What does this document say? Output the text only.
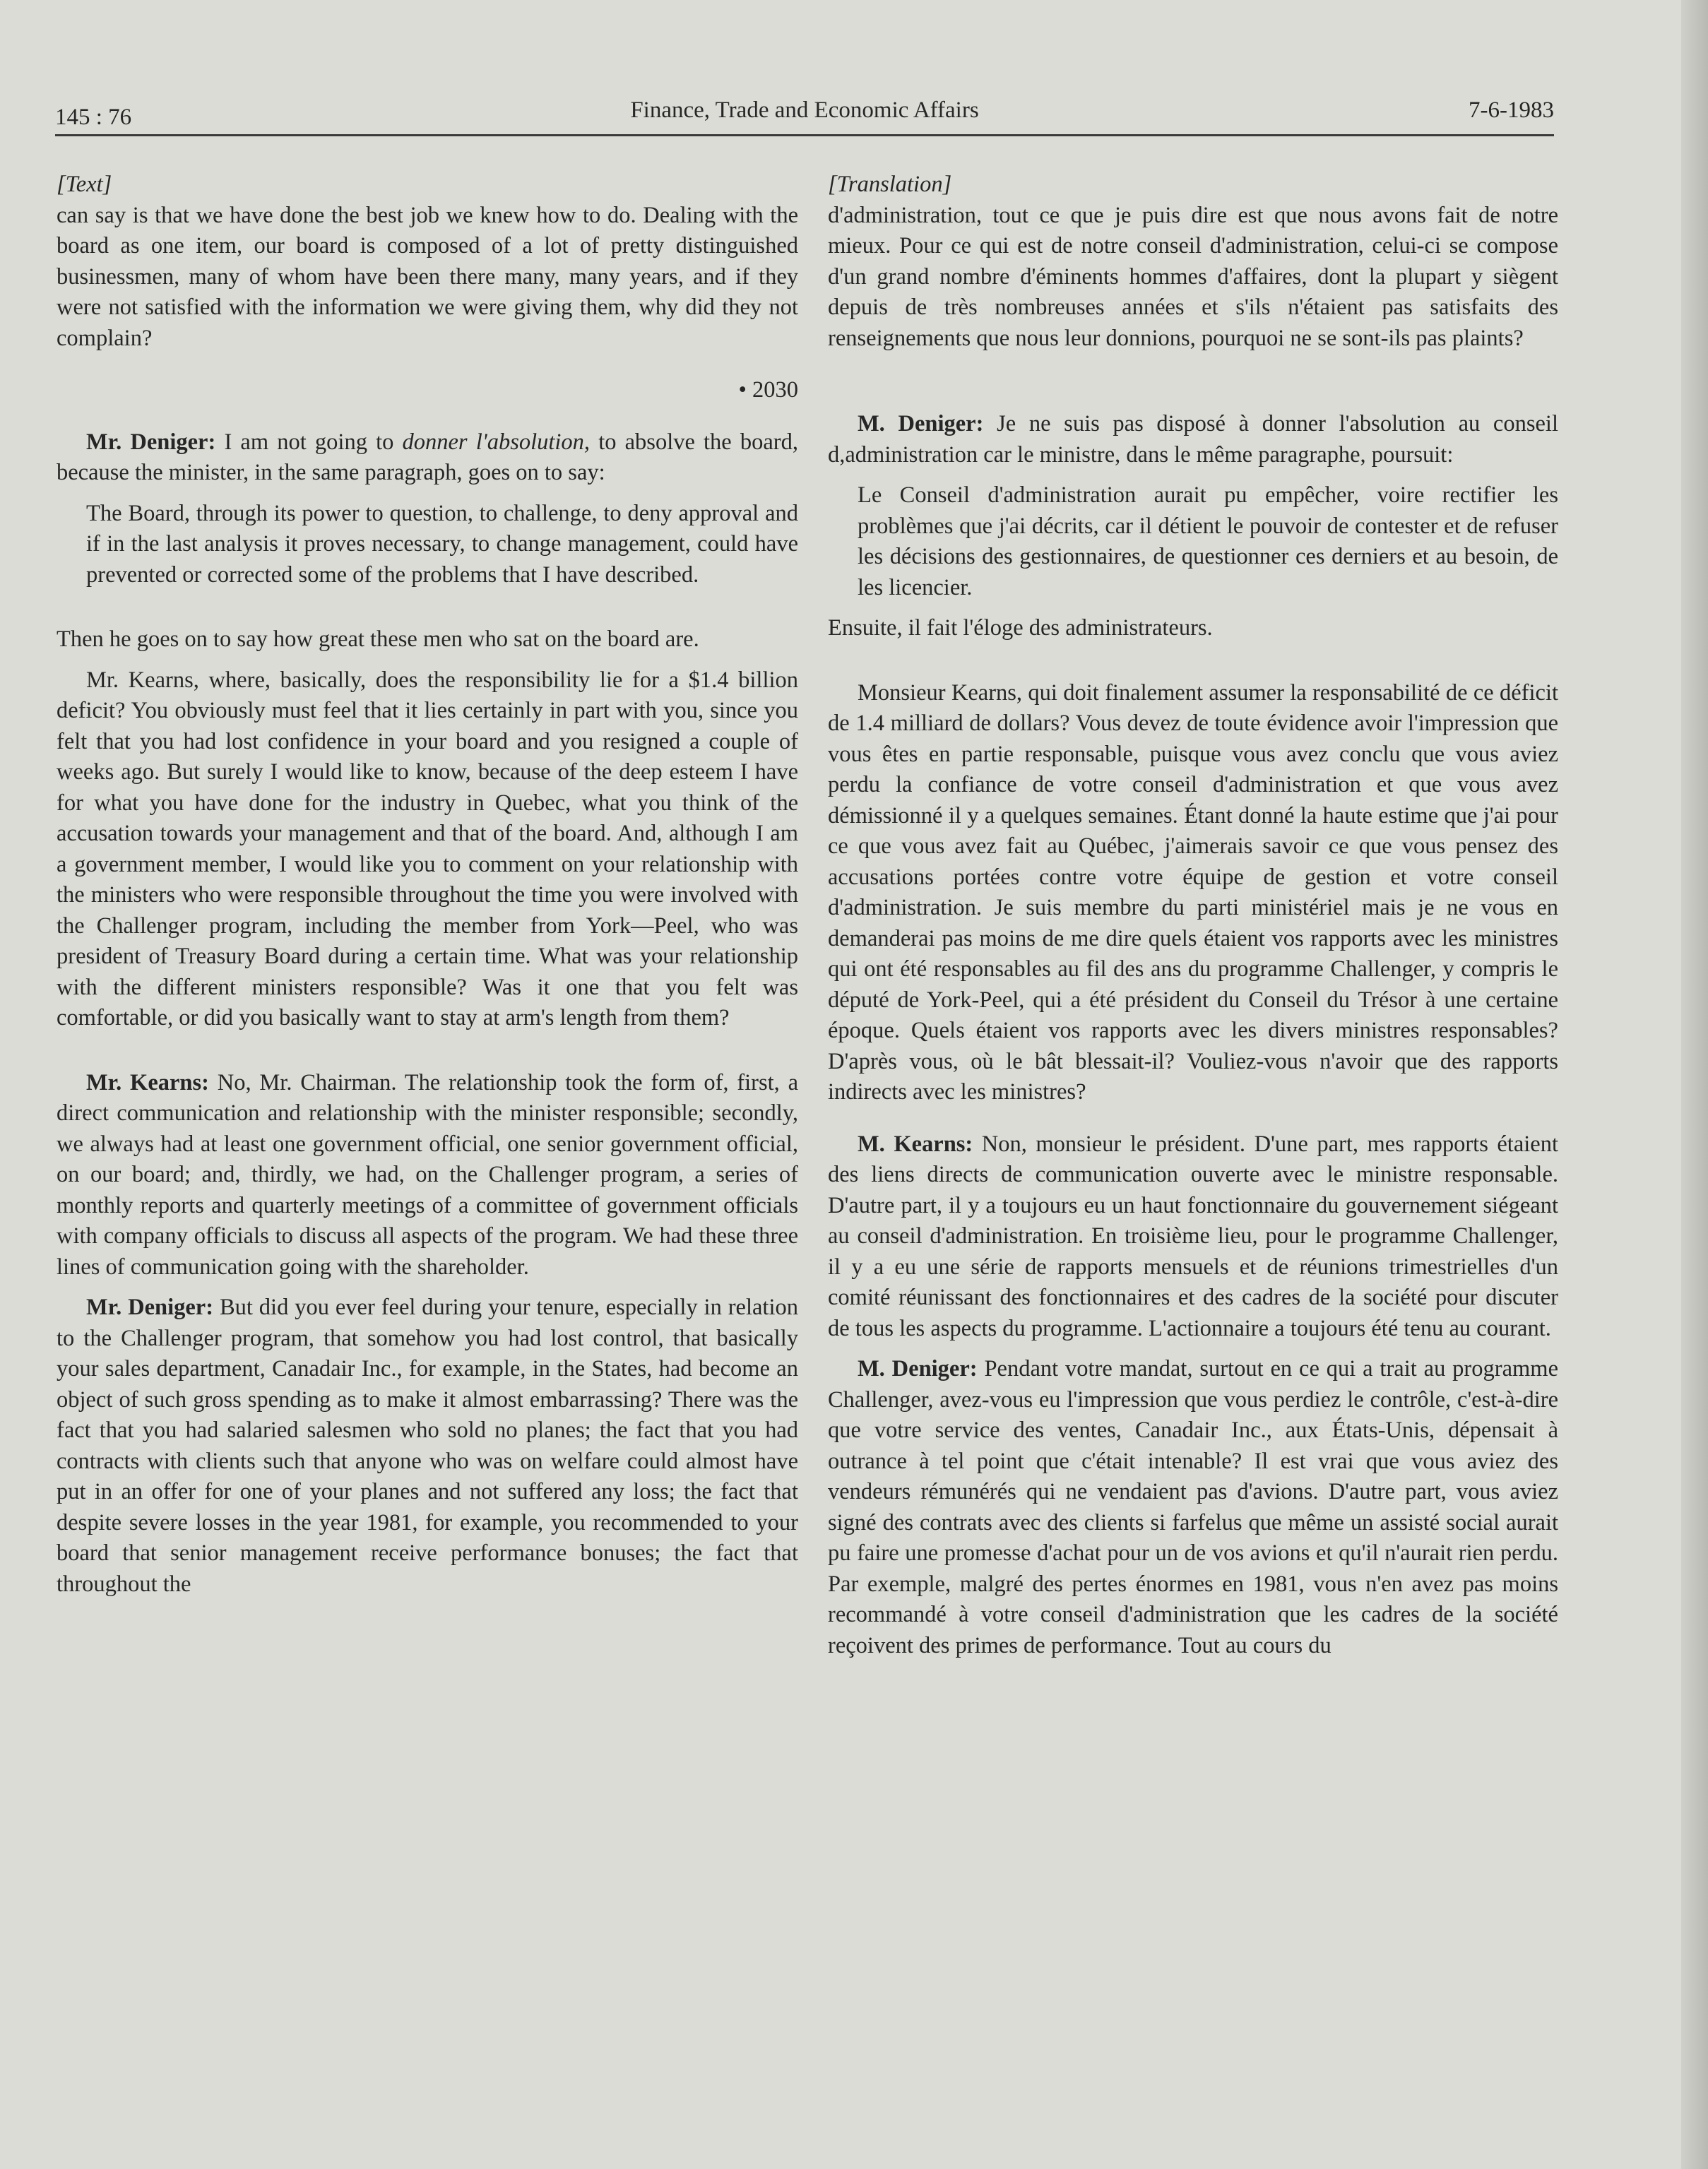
145 : 76	Finance, Trade and Economic Affairs	7-6-1983

[Text]

can say is that we have done the best job we knew how to do. Dealing with the board as one item, our board is composed of a lot of pretty distinguished businessmen, many of whom have been there many, many years, and if they were not satisfied with the information we were giving them, why did they not complain?

• 2030

Mr. Deniger: I am not going to donner l'absolution, to absolve the board, because the minister, in the same paragraph, goes on to say:

The Board, through its power to question, to challenge, to deny approval and if in the last analysis it proves necessary, to change management, could have prevented or corrected some of the problems that I have described.

Then he goes on to say how great these men who sat on the board are.

Mr. Kearns, where, basically, does the responsibility lie for a $1.4 billion deficit? You obviously must feel that it lies certainly in part with you, since you felt that you had lost confidence in your board and you resigned a couple of weeks ago. But surely I would like to know, because of the deep esteem I have for what you have done for the industry in Quebec, what you think of the accusation towards your management and that of the board. And, although I am a government member, I would like you to comment on your relationship with the ministers who were responsible throughout the time you were involved with the Challenger program, including the member from York—Peel, who was president of Treasury Board during a certain time. What was your relationship with the different ministers responsible? Was it one that you felt was comfortable, or did you basically want to stay at arm's length from them?

Mr. Kearns: No, Mr. Chairman. The relationship took the form of, first, a direct communication and relationship with the minister responsible; secondly, we always had at least one government official, one senior government official, on our board; and, thirdly, we had, on the Challenger program, a series of monthly reports and quarterly meetings of a committee of government officials with company officials to discuss all aspects of the program. We had these three lines of communication going with the shareholder.

Mr. Deniger: But did you ever feel during your tenure, especially in relation to the Challenger program, that somehow you had lost control, that basically your sales department, Canadair Inc., for example, in the States, had become an object of such gross spending as to make it almost embarrassing? There was the fact that you had salaried salesmen who sold no planes; the fact that you had contracts with clients such that anyone who was on welfare could almost have put in an offer for one of your planes and not suffered any loss; the fact that despite severe losses in the year 1981, for example, you recommended to your board that senior management receive performance bonuses; the fact that throughout the

[Translation]

d'administration, tout ce que je puis dire est que nous avons fait de notre mieux. Pour ce qui est de notre conseil d'administration, celui-ci se compose d'un grand nombre d'éminents hommes d'affaires, dont la plupart y siègent depuis de très nombreuses années et s'ils n'étaient pas satisfaits des renseignements que nous leur donnions, pourquoi ne se sont-ils pas plaints?

M. Deniger: Je ne suis pas disposé à donner l'absolution au conseil d,administration car le ministre, dans le même paragraphe, poursuit:

Le Conseil d'administration aurait pu empêcher, voire rectifier les problèmes que j'ai décrits, car il détient le pouvoir de contester et de refuser les décisions des gestionnaires, de questionner ces derniers et au besoin, de les licencier.

Ensuite, il fait l'éloge des administrateurs.

Monsieur Kearns, qui doit finalement assumer la responsabilité de ce déficit de 1.4 milliard de dollars? Vous devez de toute évidence avoir l'impression que vous êtes en partie responsable, puisque vous avez conclu que vous aviez perdu la confiance de votre conseil d'administration et que vous avez démissionné il y a quelques semaines. Étant donné la haute estime que j'ai pour ce que vous avez fait au Québec, j'aimerais savoir ce que vous pensez des accusations portées contre votre équipe de gestion et votre conseil d'administration. Je suis membre du parti ministériel mais je ne vous en demanderai pas moins de me dire quels étaient vos rapports avec les ministres qui ont été responsables au fil des ans du programme Challenger, y compris le député de York-Peel, qui a été président du Conseil du Trésor à une certaine époque. Quels étaient vos rapports avec les divers ministres responsables? D'après vous, où le bât blessait-il? Vouliez-vous n'avoir que des rapports indirects avec les ministres?

M. Kearns: Non, monsieur le président. D'une part, mes rapports étaient des liens directs de communication ouverte avec le ministre responsable. D'autre part, il y a toujours eu un haut fonctionnaire du gouvernement siégeant au conseil d'administration. En troisième lieu, pour le programme Challenger, il y a eu une série de rapports mensuels et de réunions trimestrielles d'un comité réunissant des fonctionnaires et des cadres de la société pour discuter de tous les aspects du programme. L'actionnaire a toujours été tenu au courant.

M. Deniger: Pendant votre mandat, surtout en ce qui a trait au programme Challenger, avez-vous eu l'impression que vous perdiez le contrôle, c'est-à-dire que votre service des ventes, Canadair Inc., aux États-Unis, dépensait à outrance à tel point que c'était intenable? Il est vrai que vous aviez des vendeurs rémunérés qui ne vendaient pas d'avions. D'autre part, vous aviez signé des contrats avec des clients si farfelus que même un assisté social aurait pu faire une promesse d'achat pour un de vos avions et qu'il n'aurait rien perdu. Par exemple, malgré des pertes énormes en 1981, vous n'en avez pas moins recommandé à votre conseil d'administration que les cadres de la société reçoivent des primes de performance. Tout au cours du
